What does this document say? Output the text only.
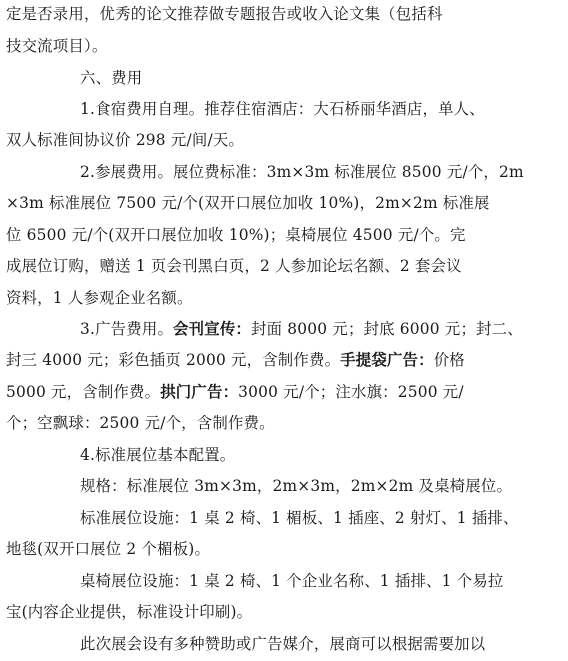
定是否录用，优秀的论文推荐做专题报告或收入论文集（包括科
技交流项目）。
六、费用
1.食宿费用自理。推荐住宿酒店：大石桥丽华酒店，单人、
双人标准间协议价 298 元/间/天。
2.参展费用。展位费标准：3m×3m 标准展位 8500 元/个，2m
×3m 标准展位 7500 元/个(双开口展位加收 10%)，2m×2m 标准展
位 6500 元/个(双开口展位加收 10%)；桌椅展位 4500 元/个。完
成展位订购，赠送 1 页会刊黑白页，2 人参加论坛名额、2 套会议
资料，1 人参观企业名额。
3.广告费用。会刊宣传：封面 8000 元；封底 6000 元；封二、
封三 4000 元；彩色插页 2000 元，含制作费。手提袋广告：价格
5000 元，含制作费。拱门广告：3000 元/个；注水旗：2500 元/
个；空飘球：2500 元/个，含制作费。
4.标准展位基本配置。
规格：标准展位 3m×3m，2m×3m，2m×2m 及桌椅展位。
标准展位设施：1 桌 2 椅、1 楣板、1 插座、2 射灯、1 插排、
地毯(双开口展位 2 个楣板)。
桌椅展位设施：1 桌 2 椅、1 个企业名称、1 插排、1 个易拉
宝(内容企业提供，标准设计印刷)。
此次展会设有多种赞助或广告媒介，展商可以根据需要加以
